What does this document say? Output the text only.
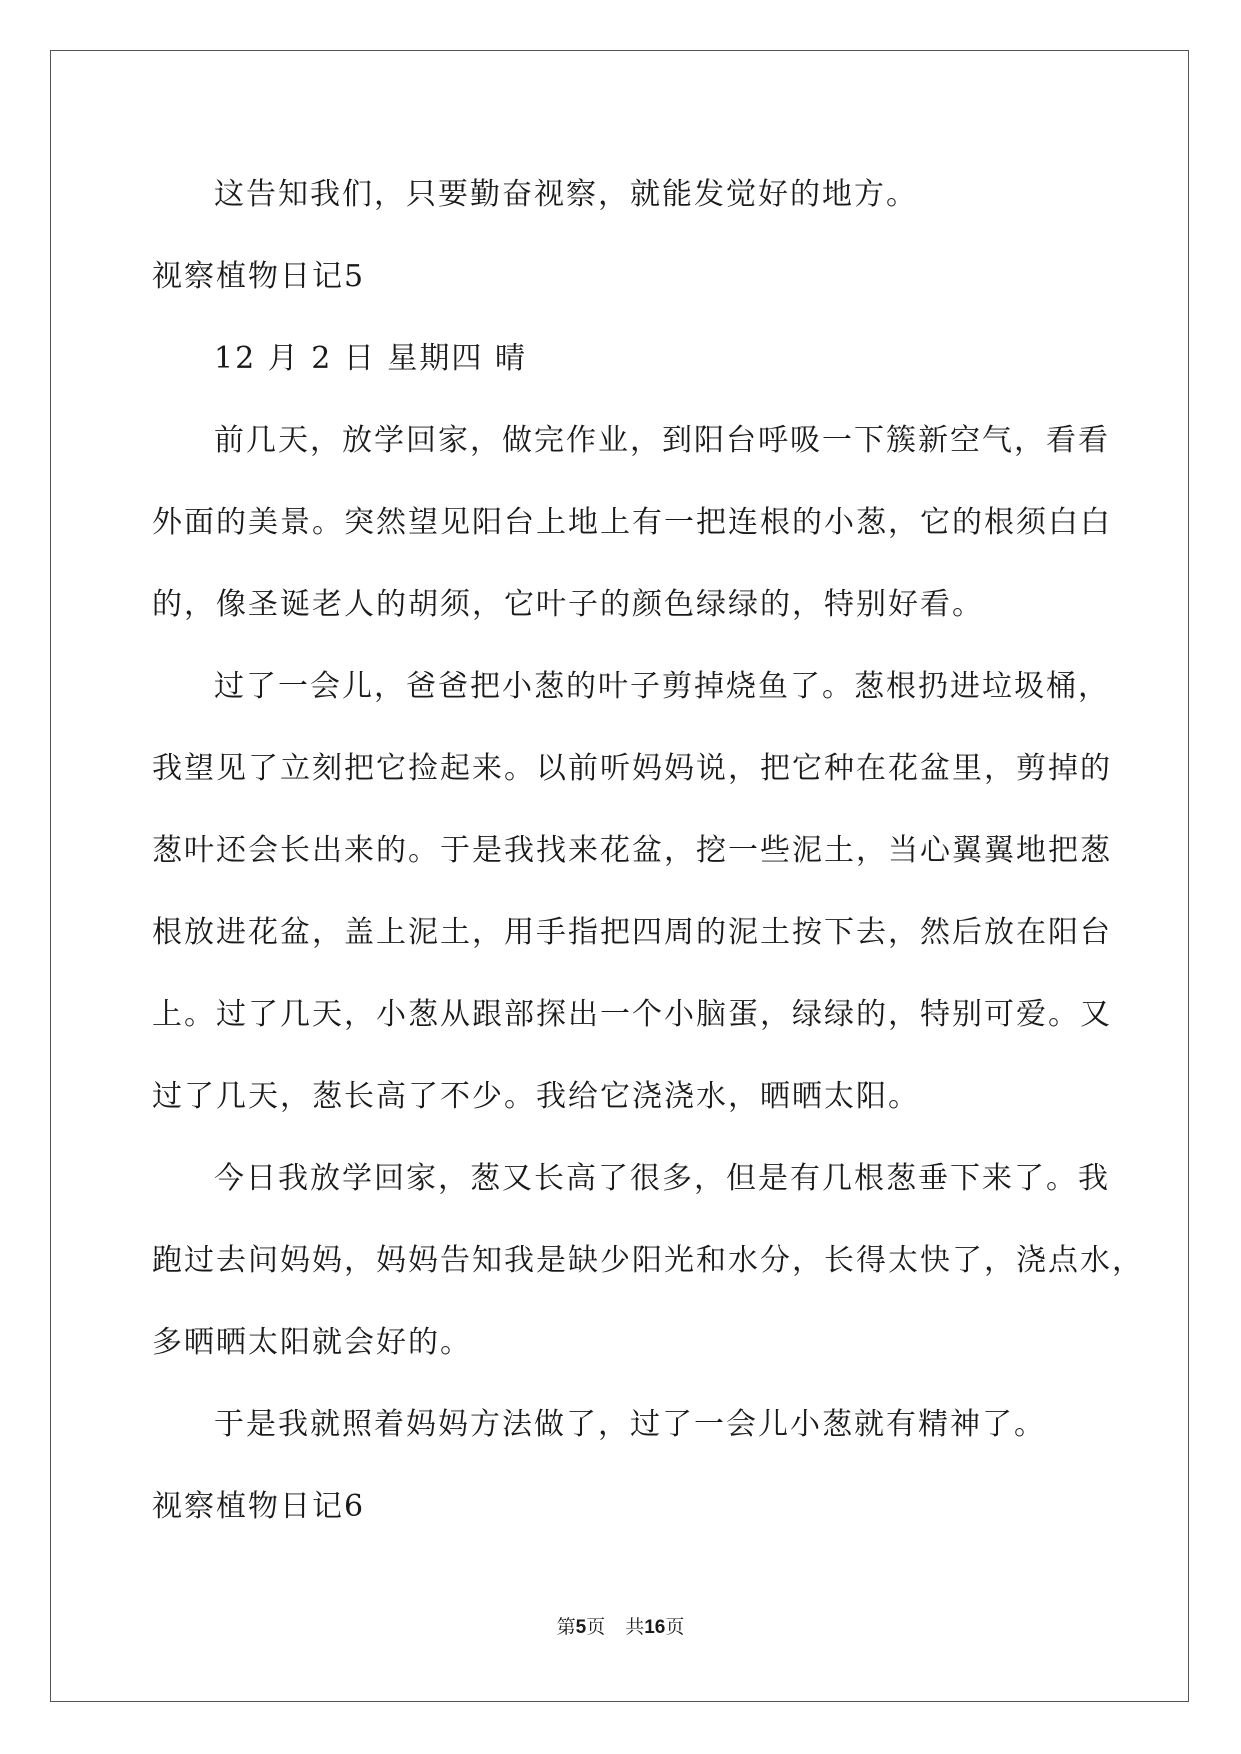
这告知我们，只要勤奋视察，就能发觉好的地方。
视察植物日记5
12 月 2 日 星期四 晴
前几天，放学回家，做完作业，到阳台呼吸一下簇新空气，看看
外面的美景。突然望见阳台上地上有一把连根的小葱，它的根须白白
的，像圣诞老人的胡须，它叶子的颜色绿绿的，特别好看。
过了一会儿，爸爸把小葱的叶子剪掉烧鱼了。葱根扔进垃圾桶，
我望见了立刻把它捡起来。以前听妈妈说，把它种在花盆里，剪掉的
葱叶还会长出来的。于是我找来花盆，挖一些泥土，当心翼翼地把葱
根放进花盆，盖上泥土，用手指把四周的泥土按下去，然后放在阳台
上。过了几天，小葱从跟部探出一个小脑蛋，绿绿的，特别可爱。又
过了几天，葱长高了不少。我给它浇浇水，晒晒太阳。
今日我放学回家，葱又长高了很多，但是有几根葱垂下来了。我
跑过去问妈妈，妈妈告知我是缺少阳光和水分，长得太快了，浇点水，
多晒晒太阳就会好的。
于是我就照着妈妈方法做了，过了一会儿小葱就有精神了。
视察植物日记6
第5页 共16页
